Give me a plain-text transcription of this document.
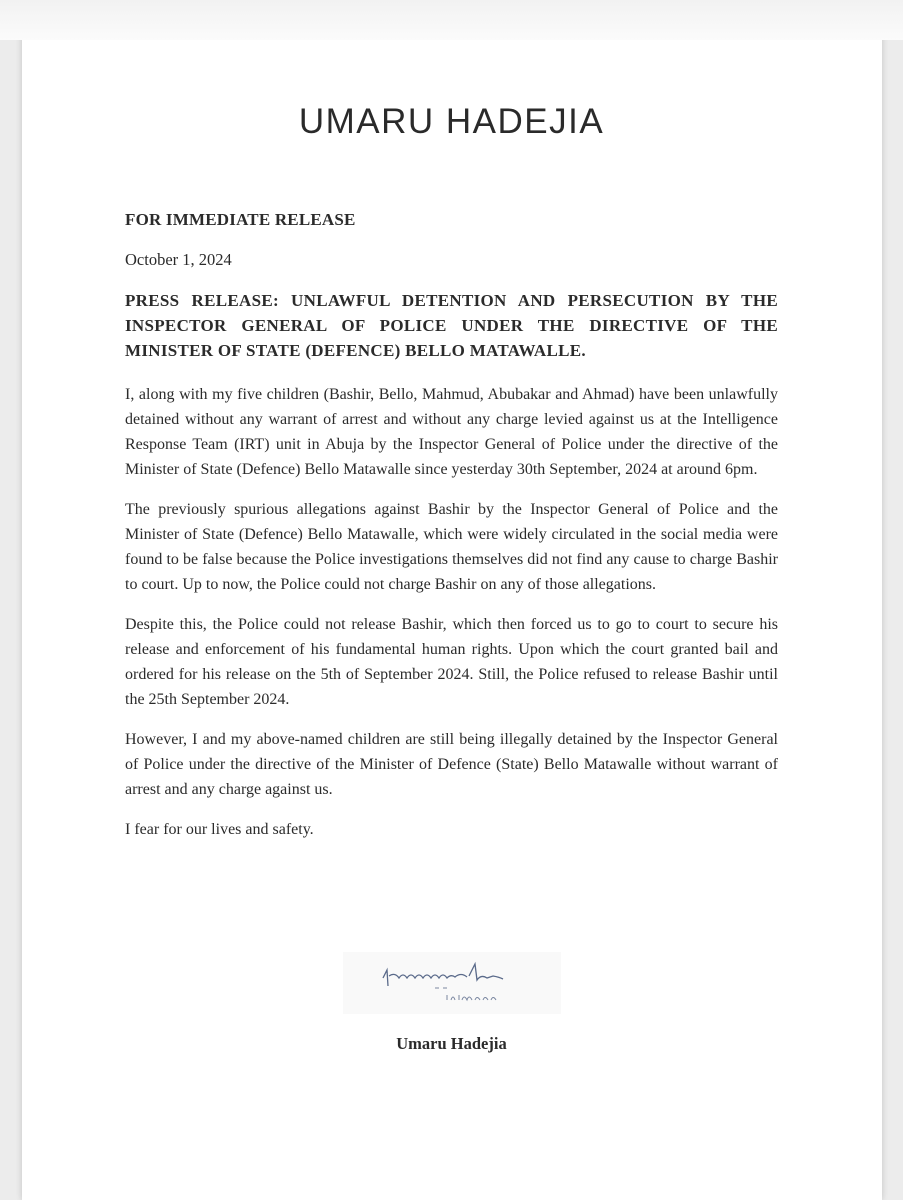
UMARU HADEJIA

FOR IMMEDIATE RELEASE

October 1, 2024

PRESS RELEASE: UNLAWFUL DETENTION AND PERSECUTION BY THE INSPECTOR GENERAL OF POLICE UNDER THE DIRECTIVE OF THE MINISTER OF STATE (DEFENCE) BELLO MATAWALLE.

I, along with my five children (Bashir, Bello, Mahmud, Abubakar and Ahmad) have been unlawfully detained without any warrant of arrest and without any charge levied against us at the Intelligence Response Team (IRT) unit in Abuja by the Inspector General of Police under the directive of the Minister of State (Defence) Bello Matawalle since yesterday 30th September, 2024 at around 6pm.

The previously spurious allegations against Bashir by the Inspector General of Police and the Minister of State (Defence) Bello Matawalle, which were widely circulated in the social media were found to be false because the Police investigations themselves did not find any cause to charge Bashir to court. Up to now, the Police could not charge Bashir on any of those allegations.

Despite this, the Police could not release Bashir, which then forced us to go to court to secure his release and enforcement of his fundamental human rights. Upon which the court granted bail and ordered for his release on the 5th of September 2024. Still, the Police refused to release Bashir until the 25th September 2024.

However, I and my above-named children are still being illegally detained by the Inspector General of Police under the directive of the Minister of Defence (State) Bello Matawalle without warrant of arrest and any charge against us.

I fear for our lives and safety.

Umaru Hadejia
